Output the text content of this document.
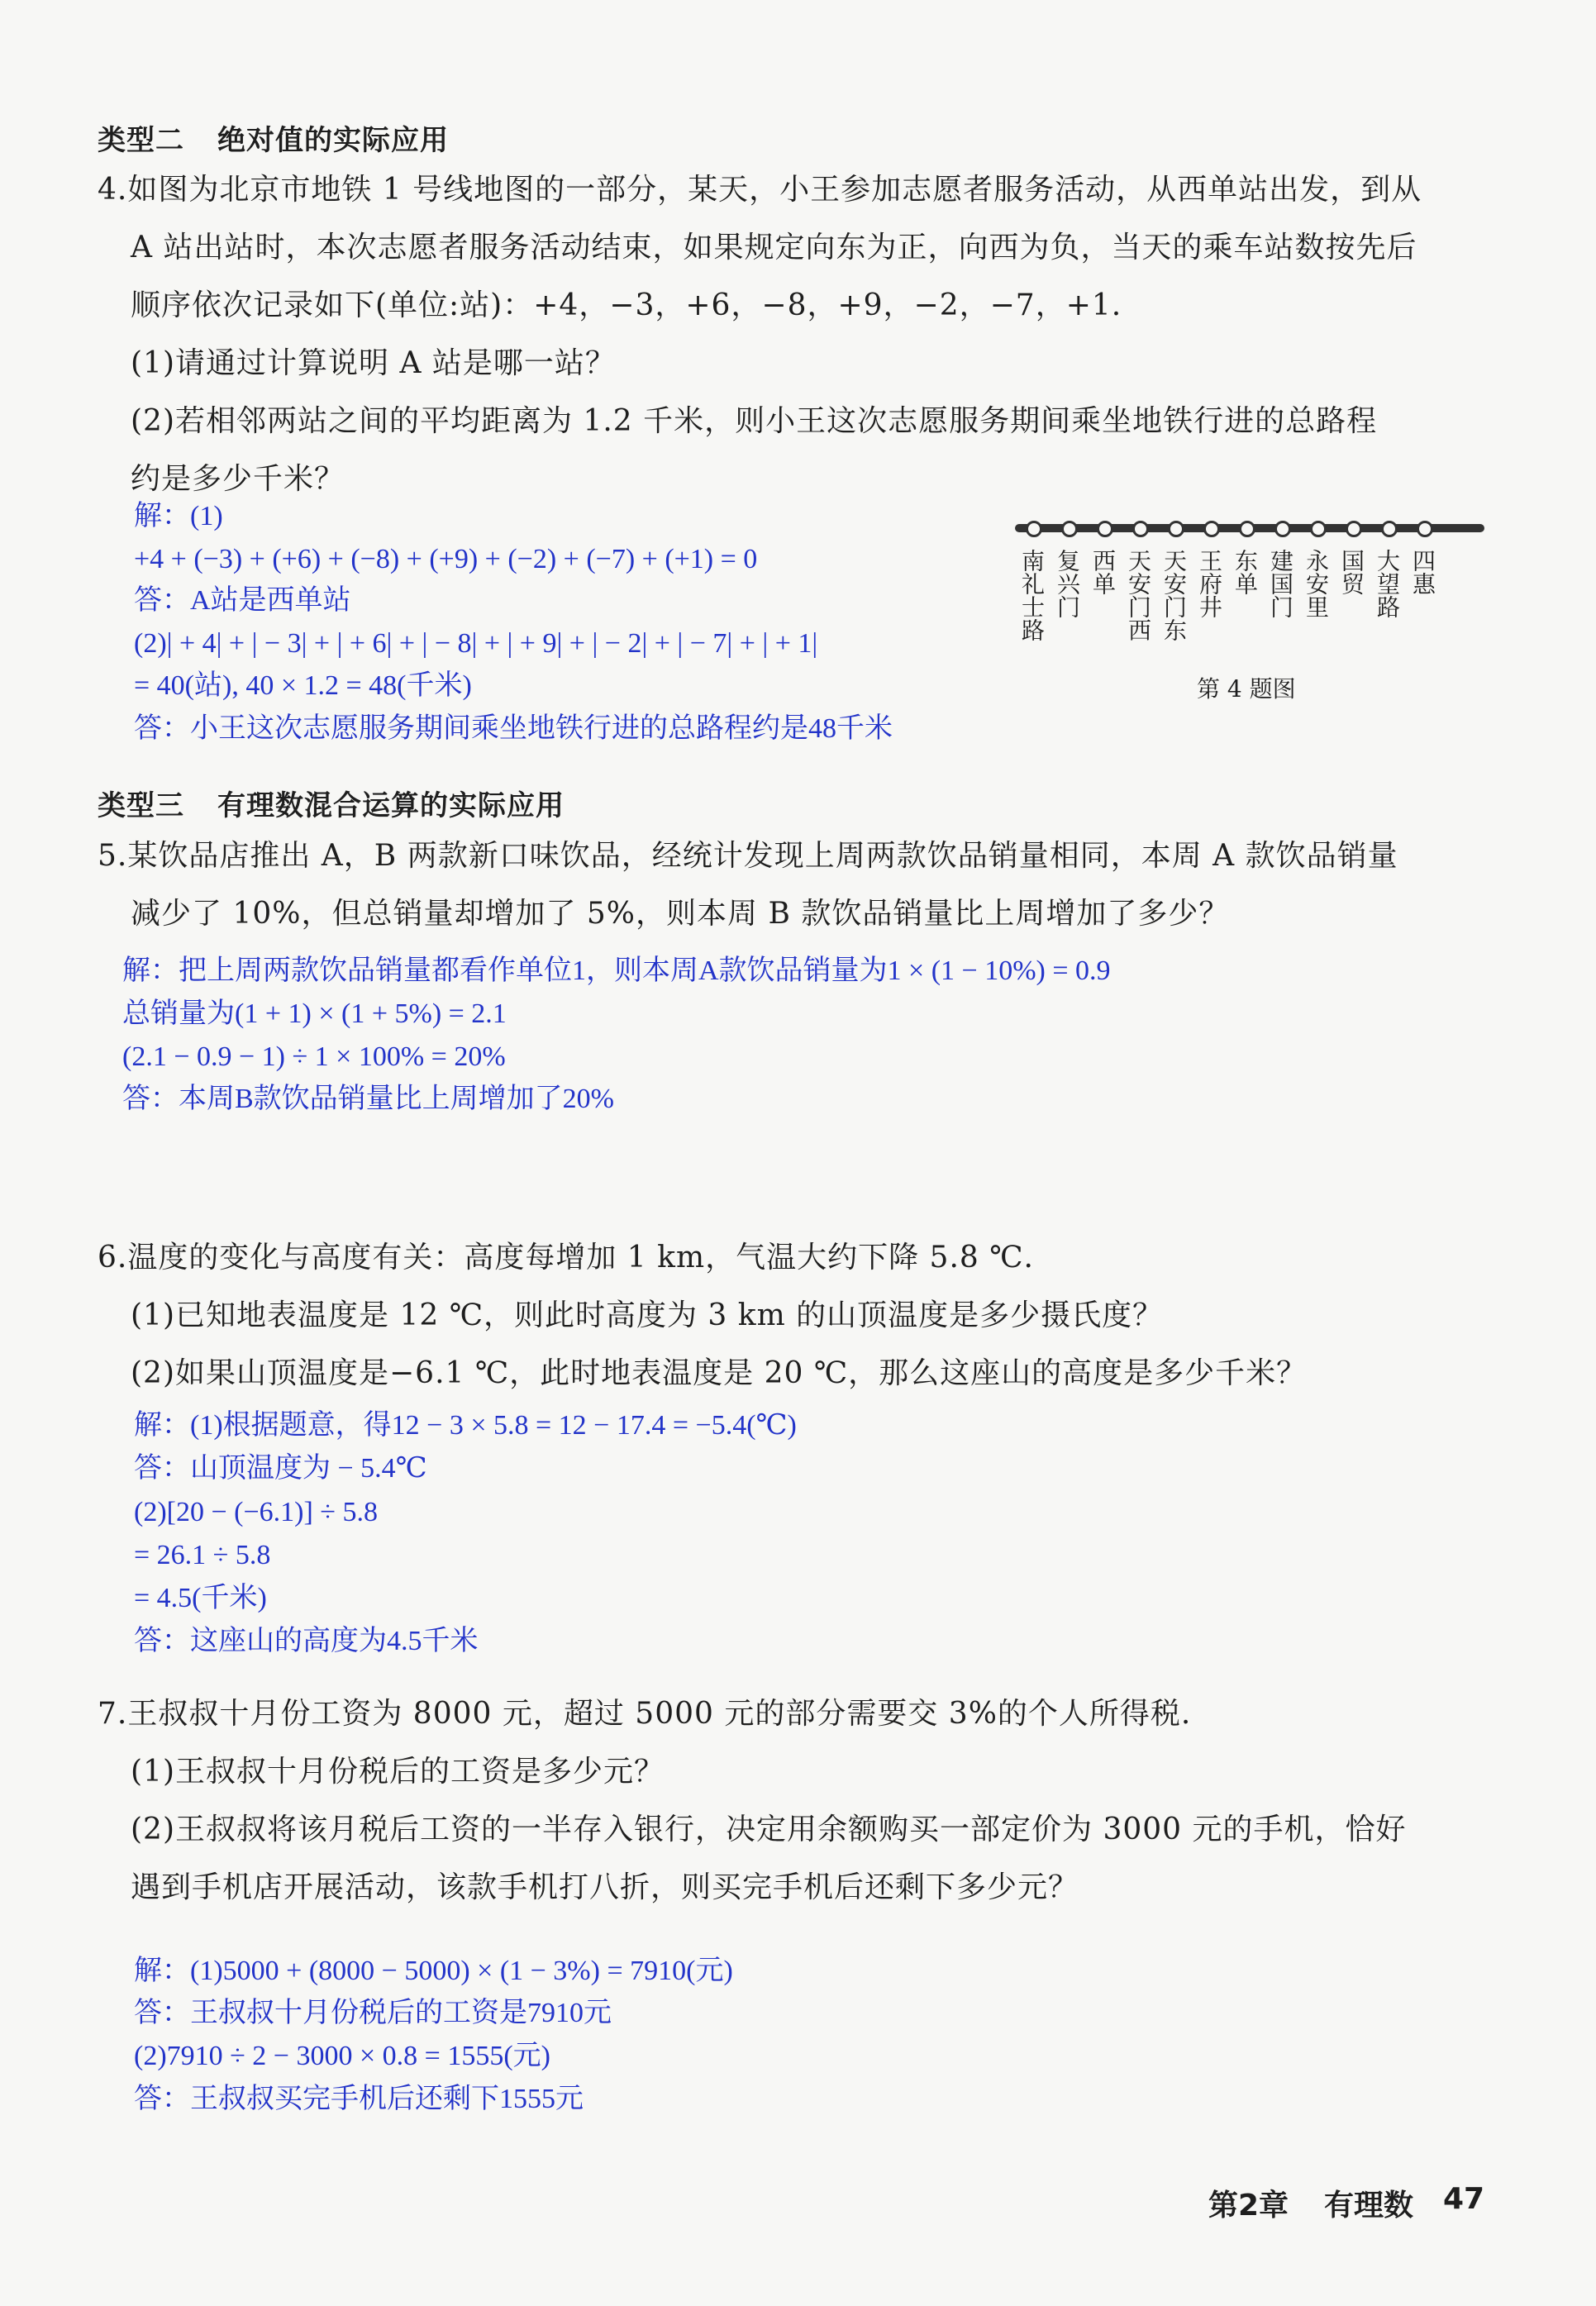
类型二 绝对值的实际应用
4.如图为北京市地铁 1 号线地图的一部分，某天，小王参加志愿者服务活动，从西单站出发，到从
A 站出站时，本次志愿者服务活动结束，如果规定向东为正，向西为负，当天的乘车站数按先后
顺序依次记录如下(单位:站)：+4，−3，+6，−8，+9，−2，−7，+1.
(1)请通过计算说明 A 站是哪一站？
(2)若相邻两站之间的平均距离为 1.2 千米，则小王这次志愿服务期间乘坐地铁行进的总路程
约是多少千米？
解：(1)
+4 + (−3) + (+6) + (−8) + (+9) + (−2) + (−7) + (+1) = 0
答：A站是西单站
(2)| + 4| + | − 3| + | + 6| + | − 8| + | + 9| + | − 2| + | − 7| + | + 1|
= 40(站), 40 × 1.2 = 48(千米)
答：小王这次志愿服务期间乘坐地铁行进的总路程约是48千米
南礼士路 复兴门 西单 天安门西 天安门东 王府井 东单 建国门 永安里 国贸 大望路 四惠
第 4 题图
类型三 有理数混合运算的实际应用
5.某饮品店推出 A，B 两款新口味饮品，经统计发现上周两款饮品销量相同，本周 A 款饮品销量
减少了 10%，但总销量却增加了 5%，则本周 B 款饮品销量比上周增加了多少？
解：把上周两款饮品销量都看作单位1，则本周A款饮品销量为1 × (1 − 10%) = 0.9
总销量为(1 + 1) × (1 + 5%) = 2.1
(2.1 − 0.9 − 1) ÷ 1 × 100% = 20%
答：本周B款饮品销量比上周增加了20%
6.温度的变化与高度有关：高度每增加 1 km，气温大约下降 5.8 ℃.
(1)已知地表温度是 12 ℃，则此时高度为 3 km 的山顶温度是多少摄氏度？
(2)如果山顶温度是−6.1 ℃，此时地表温度是 20 ℃，那么这座山的高度是多少千米？
解：(1)根据题意，得12 − 3 × 5.8 = 12 − 17.4 = −5.4(℃)
答：山顶温度为 − 5.4℃
(2)[20 − (−6.1)] ÷ 5.8
= 26.1 ÷ 5.8
= 4.5(千米)
答：这座山的高度为4.5千米
7.王叔叔十月份工资为 8000 元，超过 5000 元的部分需要交 3%的个人所得税.
(1)王叔叔十月份税后的工资是多少元？
(2)王叔叔将该月税后工资的一半存入银行，决定用余额购买一部定价为 3000 元的手机，恰好
遇到手机店开展活动，该款手机打八折，则买完手机后还剩下多少元？
解：(1)5000 + (8000 − 5000) × (1 − 3%) = 7910(元)
答：王叔叔十月份税后的工资是7910元
(2)7910 ÷ 2 − 3000 × 0.8 = 1555(元)
答：王叔叔买完手机后还剩下1555元
第2章 有理数 47
